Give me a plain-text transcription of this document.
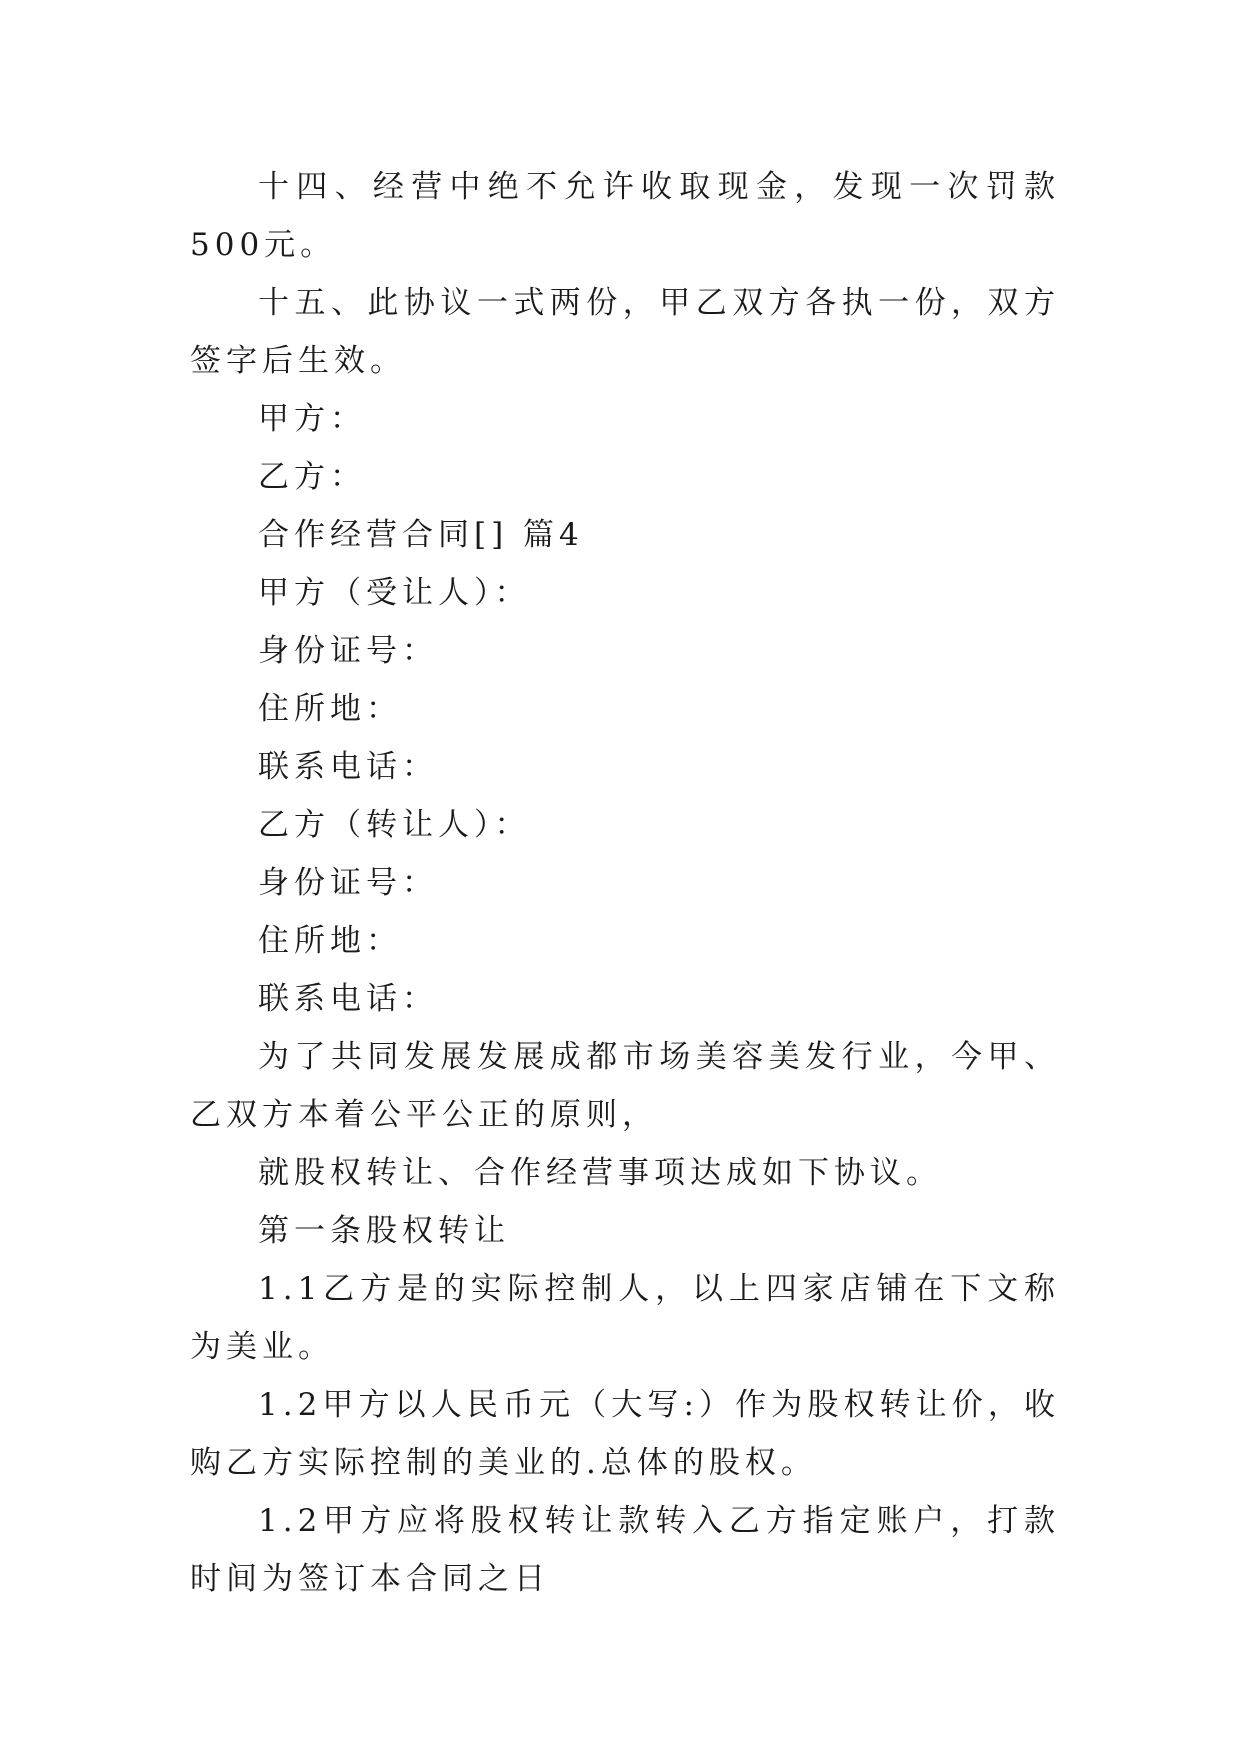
十四、经营中绝不允许收取现金，发现一次罚款500元。

十五、此协议一式两份，甲乙双方各执一份，双方签字后生效。

甲方：

乙方：

合作经营合同[] 篇4

甲方（受让人）：

身份证号：

住所地：

联系电话：

乙方（转让人）：

身份证号：

住所地：

联系电话：

为了共同发展发展成都市场美容美发行业，今甲、乙双方本着公平公正的原则，

就股权转让、合作经营事项达成如下协议。

第一条股权转让

1.1乙方是的实际控制人，以上四家店铺在下文称为美业。

1.2甲方以人民币元（大写:）作为股权转让价，收购乙方实际控制的美业的.总体的股权。

1.2甲方应将股权转让款转入乙方指定账户，打款时间为签订本合同之日
